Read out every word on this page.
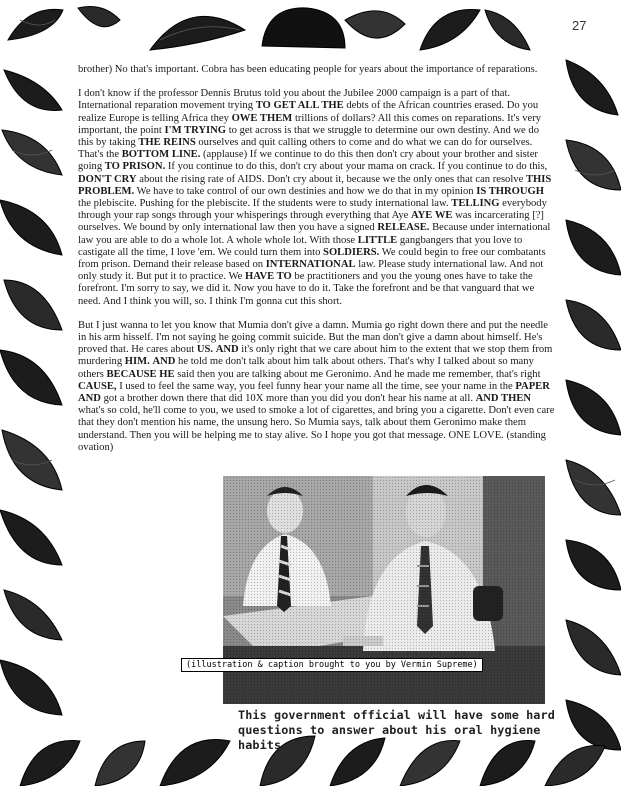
27

brother) No that's important. Cobra has been educating people for years about the importance of reparations.

I don't know if the professor Dennis Brutus told you about the Jubilee 2000 campaign is a part of that. International reparation movement trying TO GET ALL THE debts of the African countries erased. Do you realize Europe is telling Africa they OWE THEM trillions of dollars? All this comes on reparations. It's very important, the point I'M TRYING to get across is that we struggle to determine our own destiny. And we do this by taking THE REINS ourselves and quit calling others to come and do what we can do for ourselves. That's the BOTTOM LINE. (applause) If we continue to do this then don't cry about your brother and sister going TO PRISON. If you continue to do this, don't cry about your mama on crack. If you continue to do this, DON'T CRY about the rising rate of AIDS. Don't cry about it, because we the only ones that can resolve THIS PROBLEM. We have to take control of our own destinies and how we do that in my opinion IS THROUGH the plebiscite. Pushing for the plebiscite. If the students were to study international law. TELLING everybody through your rap songs through your whisperings through everything that Aye AYE WE was incarcerating [?] ourselves. We bound by only international law then you have a signed RELEASE. Because under international law you are able to do a whole lot. A whole whole lot. With those LITTLE gangbangers that you love to castigate all the time, I love 'em. We could turn them into SOLDIERS. We could begin to free our combatants from prison. Demand their release based on INTERNATIONAL law. Please study international law. And not only study it. But put it to practice. We HAVE TO be practitioners and you the young ones have to take the forefront. I'm sorry to say, we did it. Now you have to do it. Take the forefront and be that vanguard that we need. And I think you will, so. I think I'm gonna cut this short.

But I just wanna to let you know that Mumia don't give a damn. Mumia go right down there and put the needle in his arm hisself. I'm not saying he going commit suicide. But the man don't give a damn about himself. He's proved that. He cares about US. AND it's only right that we care about him to the extent that we stop them from murdering HIM. AND he told me don't talk about him talk about others. That's why I talked about so many others BECAUSE HE said then you are talking about me Geronimo. And he made me remember, that's right CAUSE, I used to feel the same way, you feel funny hear your name all the time, see your name in the PAPER AND got a brother down there that did 10X more than you did you don't hear his name at all. AND THEN what's so cold, he'll come to you, we used to smoke a lot of cigarettes, and bring you a cigarette. Don't even care that they don't mention his name, the unsung hero. So Mumia says, talk about them Geronimo make them understand. Then you will be helping me to stay alive. So I hope you got that message. ONE LOVE. (standing ovation)

(illustration & caption brought to you by Vermin Supreme)
This government official will have some hard questions to answer about his oral hygiene habits
